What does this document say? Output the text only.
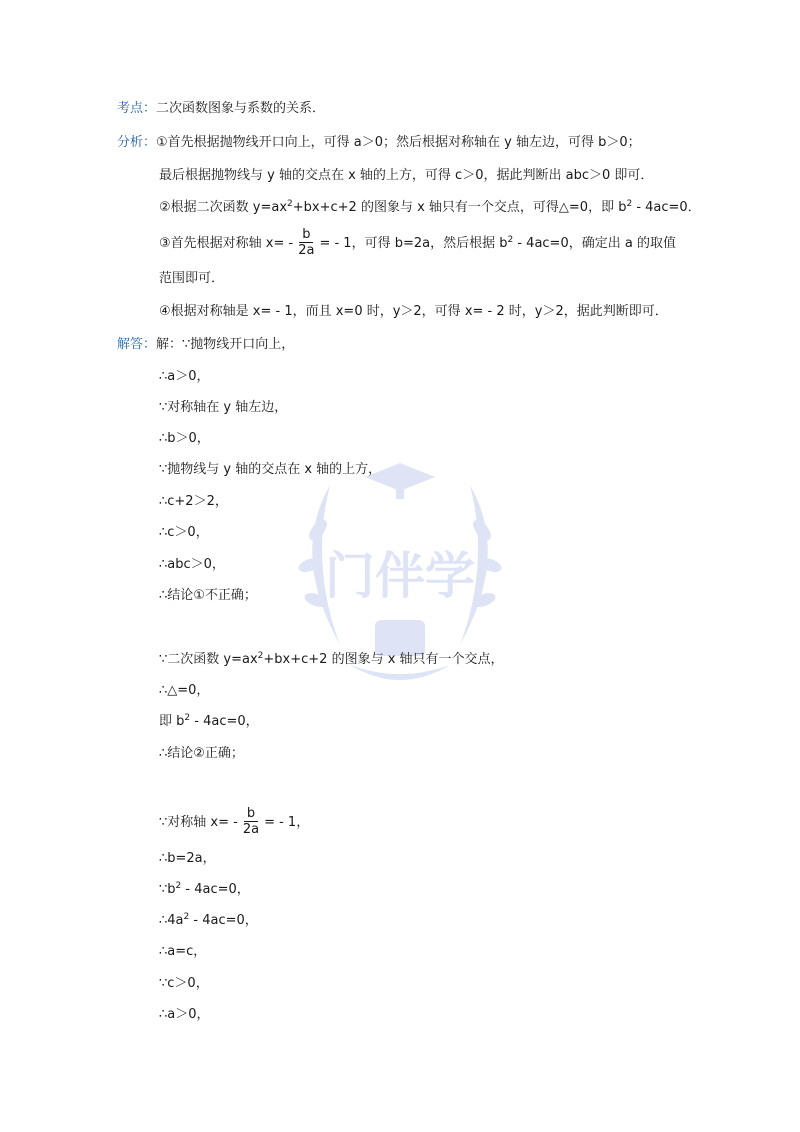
门伴学
考点：二次函数图象与系数的关系．
分析：①首先根据抛物线开口向上，可得 a＞0；然后根据对称轴在 y 轴左边，可得 b＞0；
最后根据抛物线与 y 轴的交点在 x 轴的上方，可得 c＞0，据此判断出 abc＞0 即可．
②根据二次函数 $y=ax^2+bx+c+2$ 的图象与 x 轴只有一个交点，可得△=0，即 $b^2 - 4ac=0$．
③首先根据对称轴 $x= - \frac{b}{2a}$ = - 1，可得 b=2a，然后根据 $b^2 - 4ac=0$，确定出 a 的取值
范围即可．
④根据对称轴是 x= - 1，而且 x=0 时，y＞2，可得 x= - 2 时，y＞2，据此判断即可．
解答：解：∵抛物线开口向上，
∴a＞0，
∵对称轴在 y 轴左边，
∴b＞0，
∵抛物线与 y 轴的交点在 x 轴的上方，
∴c+2＞2，
∴c＞0，
∴abc＞0，
∴结论①不正确；
∵二次函数 $y=ax^2+bx+c+2$ 的图象与 x 轴只有一个交点，
∴△=0，
即 $b^2 - 4ac=0$，
∴结论②正确；
∵对称轴 $x= - \frac{b}{2a}$ = - 1，
∴b=2a，
$\because b^2 - 4ac=0$，
$\therefore 4a^2 - 4ac=0$，
∴a=c，
∵c＞0，
∴a＞0，
